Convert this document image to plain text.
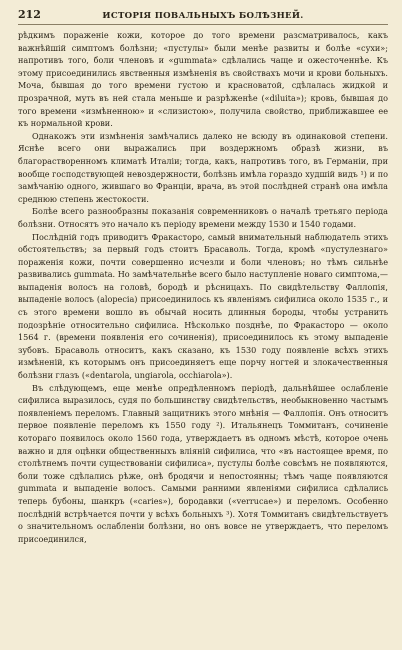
212	ИСТОРІЯ ПОВАЛЬНЫХЪ БОЛѢЗНЕЙ.

рѣдкимъ пораженіе кожи, которое до того времени разсматривалось, какъ важнѣйшій симптомъ болѣзни; «пустулы» были менѣе развиты и болѣе «сухи»; напротивъ того, боли членовъ и «gummata» сдѣлались чаще и ожесточеннѣе. Къ этому присоединились явственныя измѣненія въ свойствахъ мочи и крови больныхъ. Моча, бывшая до того времени густою и красноватой, сдѣлалась жидкой и прозрачной, муть въ ней стала меньше и разрѣженѣе («diluita»); кровь, бывшая до того времени «измѣненною» и «слизистою», получила свойство, приближавшее ее къ нормальной крови.

Однакожъ эти измѣненія замѣчались далеко не всюду въ одинаковой степени. Яснѣе всего они выражались при воздержномъ образѣ жизни, въ благорастворенномъ климатѣ Италіи; тогда, какъ, напротивъ того, въ Германіи, при вообще господствующей невоздержности, болѣзнь имѣла гораздо худшій видъ ¹) и по замѣчанію одного, жившаго во Франціи, врача, въ этой послѣдней странѣ она имѣла среднюю степень жестокости.

Болѣе всего разнообразны показанія современниковъ о началѣ третьяго періода болѣзни. Относятъ это начало къ періоду времени между 1530 и 1540 годами.

Послѣдній годъ приводитъ Фракасторо, самый внимательный наблюдатель этихъ обстоятельствъ; за первый годъ стоитъ Брасаволь. Тогда, кромѣ «пустулезнаго» пораженія кожи, почти совершенно исчезли и боли членовъ; но тѣмъ сильнѣе развивались gummata. Но замѣчательнѣе всего было наступленіе новаго симптома,—выпаденія волосъ на головѣ, бородѣ и рѣсницахъ. По свидѣтельству Фаллопія, выпаденіе волосъ (alopecia) присоединилось къ явленіямъ сифилиса около 1535 г., и съ этого времени вошло въ обычай носить длинныя бороды, чтобы устранить подозрѣніе относительно сифилиса. Нѣсколько позднѣе, по Фракасторо — около 1564 г. (времени появленія его сочиненія), присоединилось къ этому выпаденіе зубовъ. Брасаволь относитъ, какъ сказано, къ 1530 году появленіе всѣхъ этихъ измѣненій, къ которымъ онъ присоединяетъ еще порчу ногтей и злокачественныя болѣзни глазъ («dentarola, ungiarola, occhiarola»).

Въ слѣдующемъ, еще менѣе опредѣленномъ періодѣ, дальнѣйшее ослабленіе сифилиса выразилось, судя по большинству свидѣтельствъ, необыкновенно частымъ появленіемъ переломъ. Главный защитникъ этого мнѣнія — Фаллопія. Онъ относитъ первое появленіе переломъ къ 1550 году ²). Итальянецъ Томмитанъ, сочиненіе котораго появилось около 1560 года, утверждаетъ въ одномъ мѣстѣ, которое очень важно и для оцѣнки общественныхъ вліяній сифилиса, что «въ настоящее время, по столѣтнемъ почти существованіи сифилиса», пустулы болѣе совсѣмъ не появляются, боли тоже сдѣлались рѣже, онѣ бродячи и непостоянны; тѣмъ чаще появляются gummata и выпаденіе волосъ. Самыми ранними явленіями сифилиса сдѣлались теперь бубоны, шанкръ («caries»), бородавки («verrucae») и переломъ. Особенно послѣдній встрѣчается почти у всѣхъ больныхъ ³). Хотя Томмитанъ свидѣтельствуетъ о значительномъ ослабленіи болѣзни, но онъ вовсе не утверждаетъ, что переломъ присоединился,
